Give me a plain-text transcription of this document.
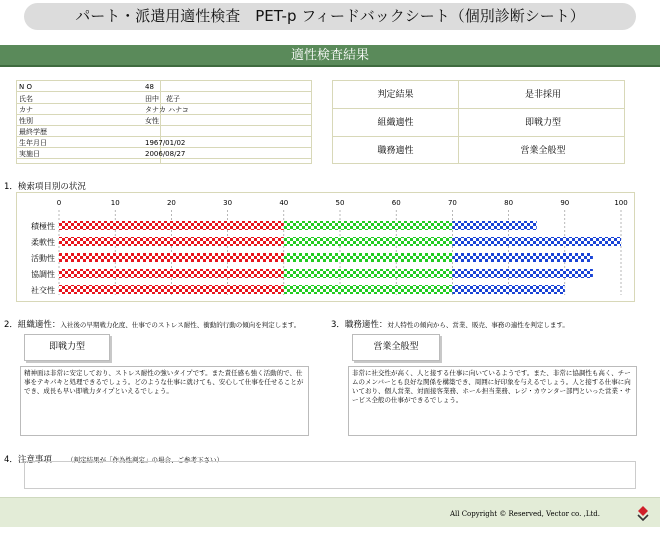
パート・派遣用適性検査　PET-p フィードバックシート（個別診断シート）
適性検査結果
N O	48
氏名	田中　花子
カナ	タナカ ハナコ
性別	女性
最終学歴
生年月日	1967/01/02
実施日	2006/08/27
判定結果	是非採用
組織適性	即戦力型
職務適性	営業全般型
1．検索項目別の状況
0	10	20	30	40	50	60	70	80	90	100
積極性
柔軟性
活動性
協調性
社交性
2．組織適性：入社後の早期戦力化度、仕事でのストレス耐性、衝動的行動の傾向を判定します。
即戦力型
精神面は非常に安定しており、ストレス耐性の強いタイプです。また責任感も強く活動的で、仕事をテキパキと処理できるでしょう。どのような仕事に就けても、安心して仕事を任せることができ、成長も早い即戦力タイプといえるでしょう。
3．職務適性：対人特性の傾向から、営業、販売、事務の適性を判定します。
営業全般型
非常に社交性が高く、人と接する仕事に向いているようです。また、非常に協調性も高く、チームのメンバーとも良好な関係を構築でき、周囲に好印象を与えるでしょう。人と接する仕事に向いており、個人営業、対面接客業務、ホール担当業務、レジ・カウンター部門といった営業・サービス全般の仕事ができるでしょう。
4．注意事項 （判定結果が「作為性判定」の場合、ご参考下さい）
All Copyright © Reserved, Vector co. ,Ltd.
